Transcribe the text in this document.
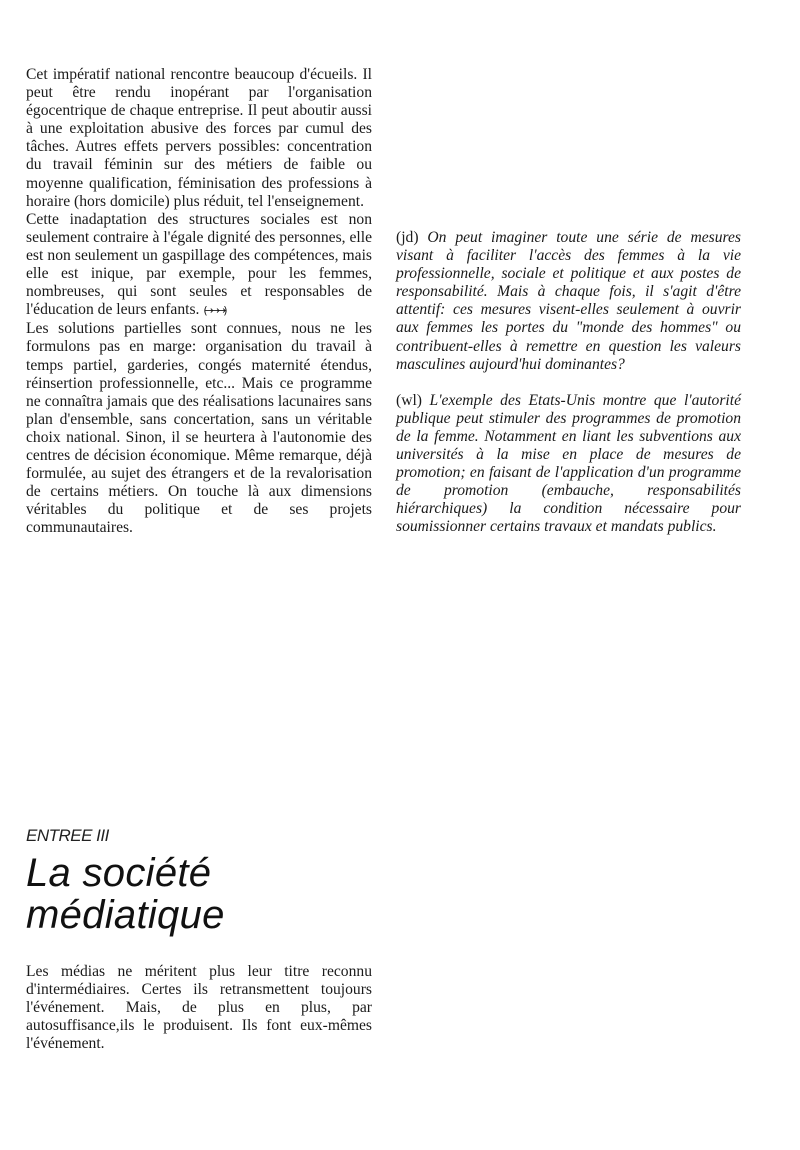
Cet impératif national rencontre beaucoup d'écueils. Il peut être rendu inopérant par l'organisation égocentrique de chaque entreprise. Il peut aboutir aussi à une exploitation abusive des forces par cumul des tâches. Autres effets pervers possibles: concentration du travail féminin sur des métiers de faible ou moyenne qualification, féminisation des professions à horaire (hors domicile) plus réduit, tel l'enseignement.

Cette inadaptation des structures sociales est non seulement contraire à l'égale dignité des personnes, elle est non seulement un gaspillage des compétences, mais elle est inique, par exemple, pour les femmes, nombreuses, qui sont seules et responsables de l'éducation de leurs enfants. (→→→)

Les solutions partielles sont connues, nous ne les formulons pas en marge: organisation du travail à temps partiel, garderies, congés maternité étendus, réinsertion professionnelle, etc... Mais ce programme ne connaîtra jamais que des réalisations lacunaires sans plan d'ensemble, sans concertation, sans un véritable choix national. Sinon, il se heurtera à l'autonomie des centres de décision économique. Même remarque, déjà formulée, au sujet des étrangers et de la revalorisation de certains métiers. On touche là aux dimensions véritables du politique et de ses projets communautaires.

(jd) On peut imaginer toute une série de mesures visant à faciliter l'accès des femmes à la vie professionnelle, sociale et politique et aux postes de responsabilité. Mais à chaque fois, il s'agit d'être attentif: ces mesures visent-elles seulement à ouvrir aux femmes les portes du "monde des hommes" ou contribuent-elles à remettre en question les valeurs masculines aujourd'hui dominantes?

(wl) L'exemple des Etats-Unis montre que l'autorité publique peut stimuler des programmes de promotion de la femme. Notamment en liant les subventions aux universités à la mise en place de mesures de promotion; en faisant de l'application d'un programme de promotion (embauche, responsabilités hiérarchiques) la condition nécessaire pour soumissionner certains travaux et mandats publics.

ENTREE III
La société
médiatique

Les médias ne méritent plus leur titre reconnu d'intermédiaires. Certes ils retransmettent toujours l'événement. Mais, de plus en plus, par autosuffisance,ils le produisent. Ils font eux-mêmes l'événement.
